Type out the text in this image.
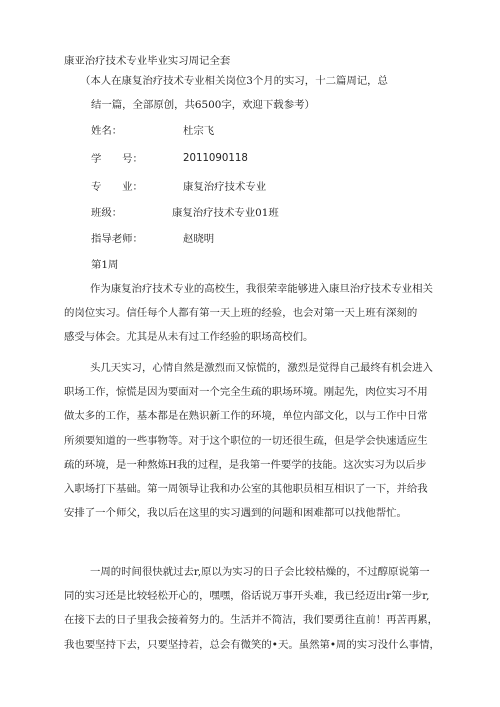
康亚治疗技术专业毕业实习周记全套
（本人在康复治疗技术专业相关岗位3个月的实习，十二篇周记，总
结一篇，全部原创，共6500字，欢迎下载参考）
姓名：	杜宗飞
学　　号：	2011090118
专　　业：	康复治疗技术专业
班级：	康复治疗技术专业01班
指导老师：	赵晓明
第1周
作为康复治疗技术专业的高校生，我很荣幸能够进入康旦治疗技术专业相关
的岗位实习。信任每个人都有第一天上班的经验，也会对第一天上班有深刻的
感受与体会。尤其是从未有过工作经验的职场高校们。
头几天实习，心情自然是激烈而又惊慌的，激烈是觉得自己最终有机会进入
职场工作，惊慌是因为要面对一个完全生疏的职场环境。刚起先，肉位实习不用
做太多的工作，基本都是在熟识新工作的环境，单位内部文化，以与工作中日常
所须要知道的一些事物等。对于这个职位的一切还很生疏，但是学会快速适应生
疏的环境，是一种熬炼H我的过程，是我第一件要学的技能。这次实习为以后步
入职场打下基础。第一周领导让我和办公室的其他职员相互相识了一下，并给我
安排了一个师父，我以后在这里的实习遇到的问题和困难都可以找他帮忙。
一周的时间很快就过去r,原以为实习的日子会比较枯燥的，不过醇原说第一
同的实习还是比较轻松开心的，嘿嘿，俗话说万事开头难，我已经迈出r第一步r,
在接下去的日子里我会接着努力的。生活并不简洁，我们要勇往直前！再苦再累，
我也要坚持下去，只要坚持若，总会有微笑的•天。虽然第•周的实习没什么事情，
